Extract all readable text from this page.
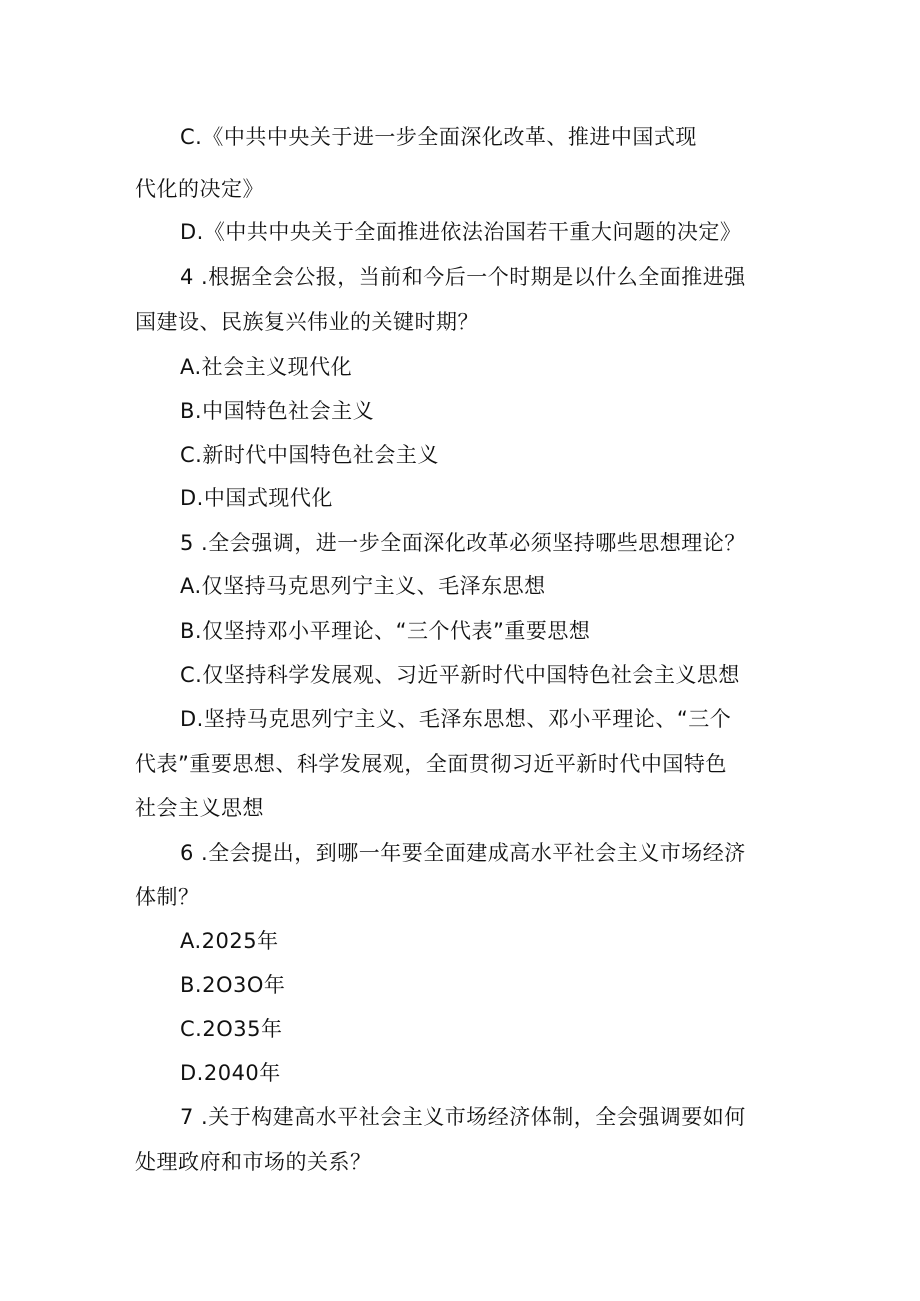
C.《中共中央关于进一步全面深化改革、推进中国式现
代化的决定》
D.《中共中央关于全面推进依法治国若干重大问题的决定》
4 .根据全会公报，当前和今后一个时期是以什么全面推进强
国建设、民族复兴伟业的关键时期？
A.社会主义现代化
B.中国特色社会主义
C.新时代中国特色社会主义
D.中国式现代化
5 .全会强调，进一步全面深化改革必须坚持哪些思想理论？
A.仅坚持马克思列宁主义、毛泽东思想
B.仅坚持邓小平理论、“三个代表”重要思想
C.仅坚持科学发展观、习近平新时代中国特色社会主义思想
D.坚持马克思列宁主义、毛泽东思想、邓小平理论、“三个
代表”重要思想、科学发展观，全面贯彻习近平新时代中国特色
社会主义思想
6 .全会提出，到哪一年要全面建成高水平社会主义市场经济
体制？
A.2025年
B.2O3O年
C.2O35年
D.2040年
7 .关于构建高水平社会主义市场经济体制，全会强调要如何
处理政府和市场的关系？
